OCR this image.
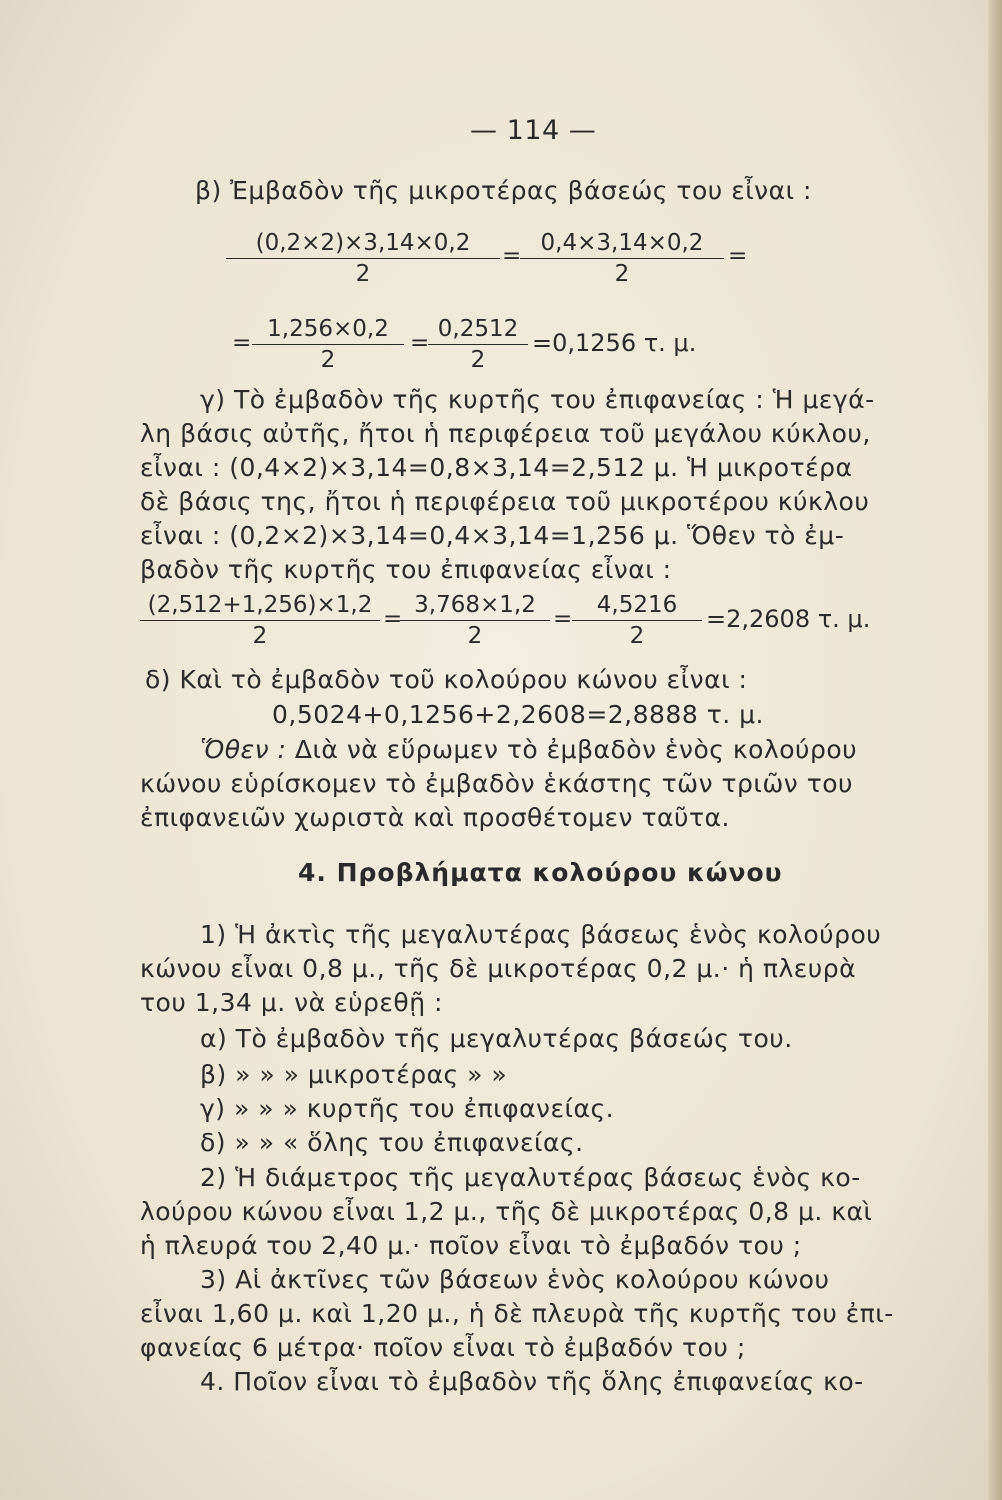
— 114 —
β) Ἐμβαδὸν τῆς μικροτέρας βάσεώς του εἶναι :
$\frac{(0,2\times 2)\times 3,14\times 0,2}{2}$ =
$\frac{0,4\times 3,14\times 0,2}{2}$ =
= $\frac{1,256\times 0,2}{2}$ =
$\frac{0,2512}{2} =0,1256$ τ. μ.
γ) Τὸ ἐμβαδὸν τῆς κυρτῆς του ἐπιφανείας : Ἡ μεγά-
λη βάσις αὐτῆς, ἤτοι ἡ περιφέρεια τοῦ μεγάλου κύκλου,
εἶναι : (0,4×2)×3,14=0,8×3,14=2,512 μ. Ἡ μικροτέρα
δὲ βάσις της, ἤτοι ἡ περιφέρεια τοῦ μικροτέρου κύκλου
εἶναι : (0,2×2)×3,14=0,4×3,14=1,256 μ. Ὅθεν τὸ ἐμ-
βαδὸν τῆς κυρτῆς του ἐπιφανείας εἶναι :
$\frac{(2,512+1,256)\times 1,2}{2}$ =
$\frac{3,768\times 1,2}{2} = \frac{4,5216}{2} =2,2608$ τ. μ.
δ) Καὶ τὸ ἐμβαδὸν τοῦ κολούρου κώνου εἶναι :
0,5024+0,1256+2,2608=2,8888 τ. μ.
Ὅθεν : Διὰ νὰ εὕρωμεν τὸ ἐμβαδὸν ἑνὸς κολούρου
κώνου εὑρίσκομεν τὸ ἐμβαδὸν ἑκάστης τῶν τριῶν του
ἐπιφανειῶν χωριστὰ καὶ προσθέτομεν ταῦτα.
4. Προβλήματα κολούρου κώνου
1) Ἡ ἀκτὶς τῆς μεγαλυτέρας βάσεως ἑνὸς κολούρου
κώνου εἶναι 0,8 μ., τῆς δὲ μικροτέρας 0,2 μ.· ἡ πλευρὰ
του 1,34 μ. νὰ εὑρεθῇ :
α) Τὸ ἐμβαδὸν τῆς μεγαλυτέρας βάσεώς του.
β) » » » μικροτέρας » »
γ) » » » κυρτῆς του ἐπιφανείας.
δ) » » « ὅλης του ἐπιφανείας.
2) Ἡ διάμετρος τῆς μεγαλυτέρας βάσεως ἑνὸς κο-
λούρου κώνου εἶναι 1,2 μ., τῆς δὲ μικροτέρας 0,8 μ. καὶ
ἡ πλευρά του 2,40 μ.· ποῖον εἶναι τὸ ἐμβαδόν του ;
3) Αἱ ἀκτῖνες τῶν βάσεων ἑνὸς κολούρου κώνου
εἶναι 1,60 μ. καὶ 1,20 μ., ἡ δὲ πλευρὰ τῆς κυρτῆς του ἐπι-
φανείας 6 μέτρα· ποῖον εἶναι τὸ ἐμβαδόν του ;
4. Ποῖον εἶναι τὸ ἐμβαδὸν τῆς ὅλης ἐπιφανείας κο-
